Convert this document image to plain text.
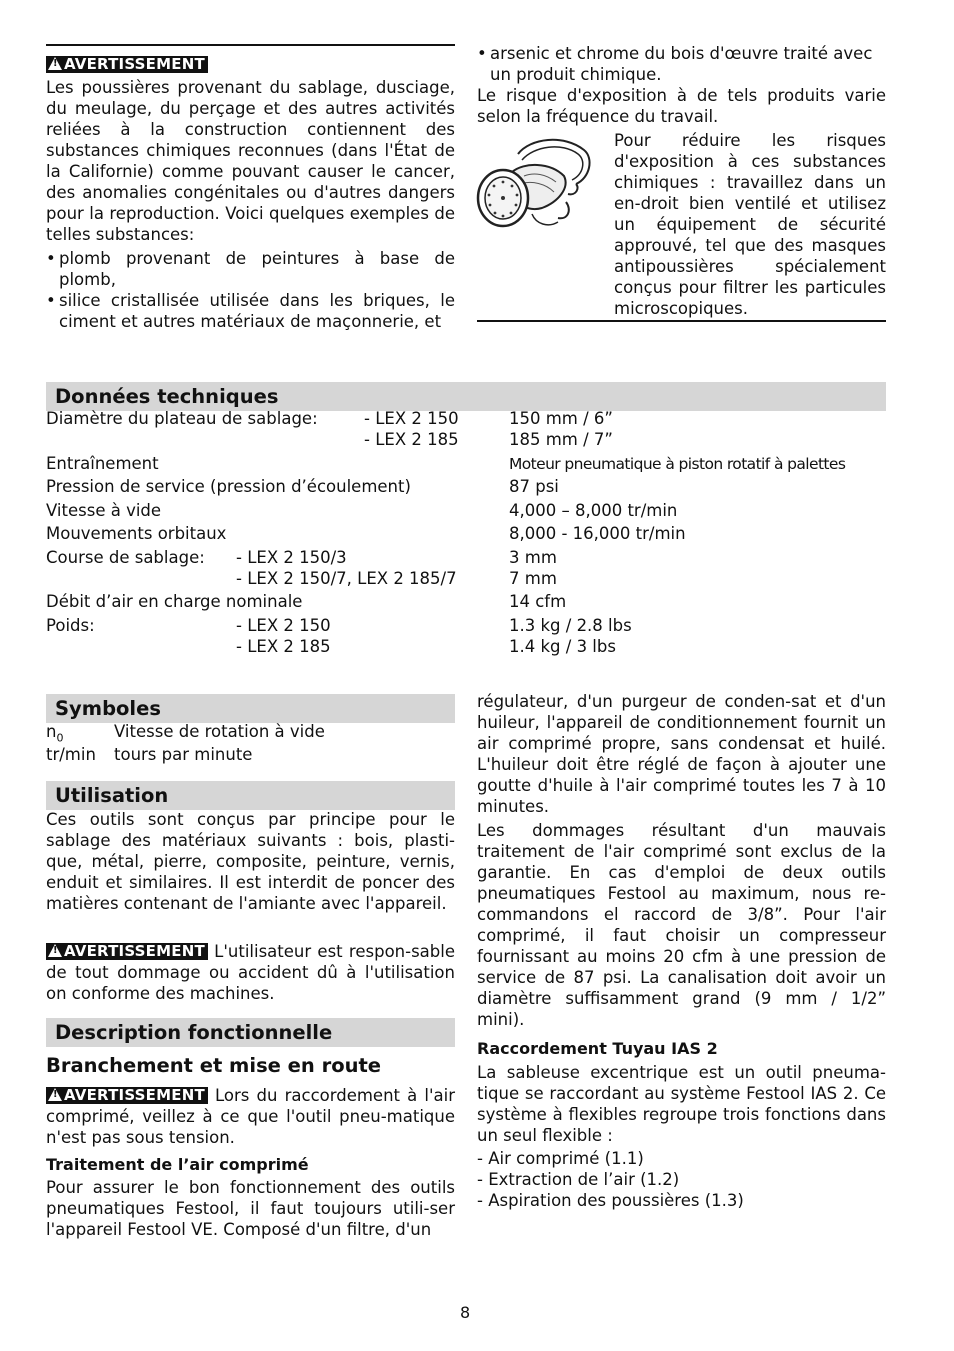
!AVERTISSEMENT
Les poussières provenant du sablage, dusciage, du meulage, du perçage et des autres activités reliées à la construction contiennent des substances chimiques reconnues (dans l'État de la Californie) comme pouvant causer le cancer, des anomalies congénitales ou d'autres dangers pour la reproduction. Voici quelques exemples de telles substances:
• plomb provenant de peintures à base de plomb,
• silice cristallisée utilisée dans les briques, le ciment et autres matériaux de maçonnerie, et
• arsenic et chrome du bois d'œuvre traité avec un produit chimique.
Le risque d'exposition à de tels produits varie selon la fréquence du travail.
Pour réduire les risques d'exposition à ces substances chimiques : travaillez dans un en-droit bien ventilé et utilisez un équipement de sécurité approuvé, tel que des masques antipoussières spécialement conçus pour filtrer les particules microscopiques.
Données techniques
Diamètre du plateau de sablage:	- LEX 2 150	150 mm / 6”
- LEX 2 185	185 mm / 7”
Entraînement	Moteur pneumatique à piston rotatif à palettes
Pression de service (pression d’écoulement)	87 psi
Vitesse à vide	4,000 – 8,000 tr/min
Mouvements orbitaux	8,000 - 16,000 tr/min
Course de sablage: - LEX 2 150/3	3 mm
- LEX 2 150/7, LEX 2 185/7	7 mm
Débit d’air en charge nominale	14 cfm
Poids:	- LEX 2 150	1.3 kg / 2.8 lbs
- LEX 2 185	1.4 kg / 3 lbs
Symboles
$n_0$	Vitesse de rotation à vide
tr/min tours par minute
Utilisation
Ces outils sont conçus par principe pour le sablage des matériaux suivants : bois, plasti-que, métal, pierre, composite, peinture, vernis, enduit et similaires. Il est interdit de poncer des matières contenant de l'amiante avec l'appareil.
!AVERTISSEMENT L'utilisateur est respon-sable de tout dommage ou accident dû à l'utilisation on conforme des machines.
Description fonctionnelle
Branchement et mise en route
!AVERTISSEMENT Lors du raccordement à l'air comprimé, veillez à ce que l'outil pneu-matique n'est pas sous tension.
Traitement de l’air comprimé
Pour assurer le bon fonctionnement des outils pneumatiques Festool, il faut toujours utili-ser l'appareil Festool VE. Composé d'un filtre, d'un
régulateur, d'un purgeur de conden-sat et d'un huileur, l'appareil de conditionnement fournit un air comprimé propre, sans condensat et huilé. L'huileur doit être réglé de façon à ajouter une goutte d'huile à l'air comprimé toutes les 7 à 10 minutes.
Les dommages résultant d'un mauvais traitement de l'air comprimé sont exclus de la garantie. En cas d'emploi de deux outils pneumatiques Festool au maximum, nous re-commandons el raccord de 3/8”. Pour l'air comprimé, il faut choisir un compresseur fournissant au moins 20 cfm à une pression de service de 87 psi. La canalisation doit avoir un diamètre suffisamment grand (9 mm / 1/2” mini).
Raccordement Tuyau IAS 2
La sableuse excentrique est un outil pneuma-tique se raccordant au système Festool IAS 2. Ce système à flexibles regroupe trois fonctions dans un seul flexible :
- Air comprimé (1.1)
- Extraction de l’air (1.2)
- Aspiration des poussières (1.3)
8
